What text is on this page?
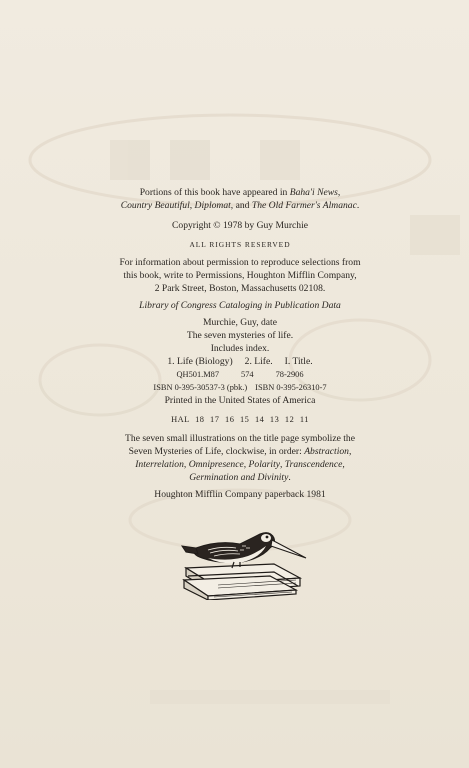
Portions of this book have appeared in Baha'i News,
Country Beautiful, Diplomat, and The Old Farmer's Almanac.
Copyright © 1978 by Guy Murchie
ALL RIGHTS RESERVED
For information about permission to reproduce selections from
this book, write to Permissions, Houghton Mifflin Company,
2 Park Street, Boston, Massachusetts 02108.
Library of Congress Cataloging in Publication Data
Murchie, Guy, date
The seven mysteries of life.
Includes index.
1. Life (Biology) 2. Life. I. Title.
QH501.M87	574	78-2906
ISBN 0-395-30537-3 (pbk.) ISBN 0-395-26310-7
Printed in the United States of America
HAL 18 17 16 15 14 13 12 11
The seven small illustrations on the title page symbolize the
Seven Mysteries of Life, clockwise, in order: Abstraction,
Interrelation, Omnipresence, Polarity, Transcendence,
Germination and Divinity.
Houghton Mifflin Company paperback 1981
